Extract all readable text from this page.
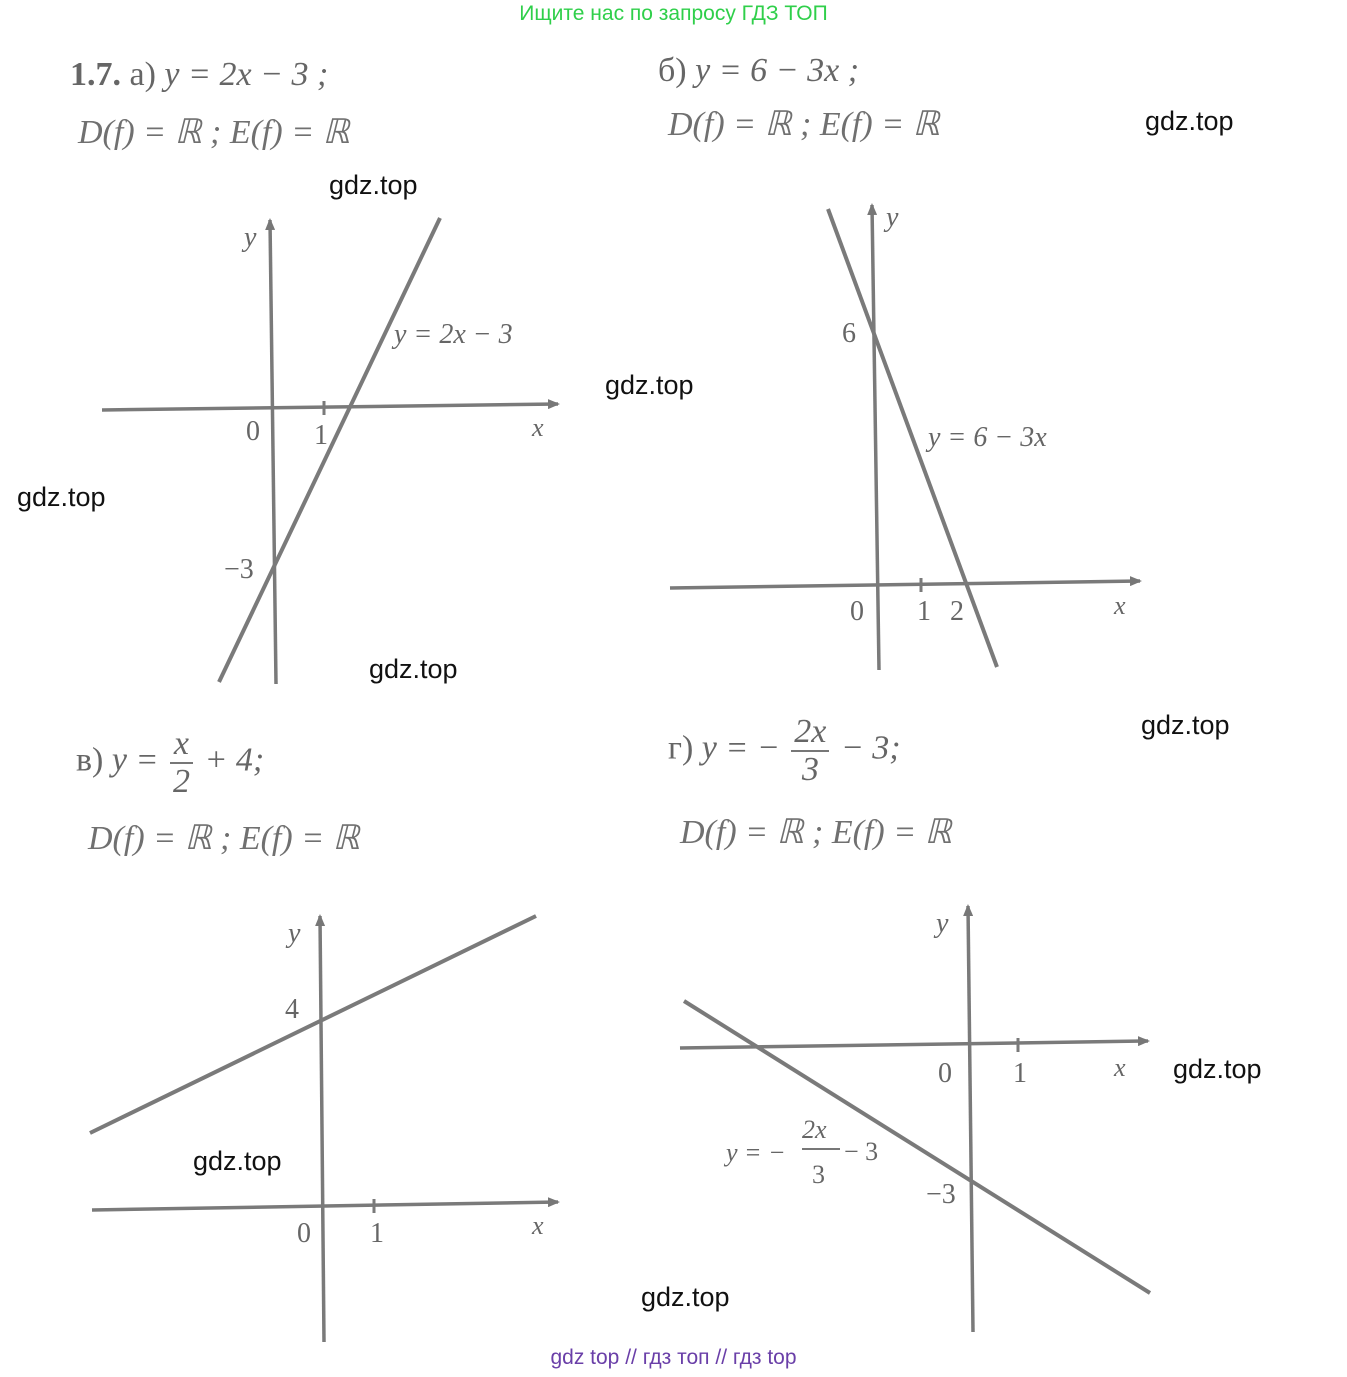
Ищите нас по запросу ГДЗ ТОП
1.7. а) y = 2x − 3 ;
D(f) = ℝ ; E(f) = ℝ
б) y = 6 − 3x ;
D(f) = ℝ ; E(f) = ℝ
в) $y = \frac{x}{2} + 4$;
D(f) = ℝ ; E(f) = ℝ
г) y = − $\frac{2x}{3} - 3$;
D(f) = ℝ ; E(f) = ℝ
y
x
0 1
−3
y = 2x − 3
y
x
0 1 2
6
y = 6 − 3x
y
x
0 1
4
y
x
0 1
−3
y = −
2x
3
− 3
gdz.top
gdz.top
gdz.top
gdz.top
gdz.top
gdz.top
gdz.top
gdz.top
gdz.top
gdz top // гдз топ // гдз top
